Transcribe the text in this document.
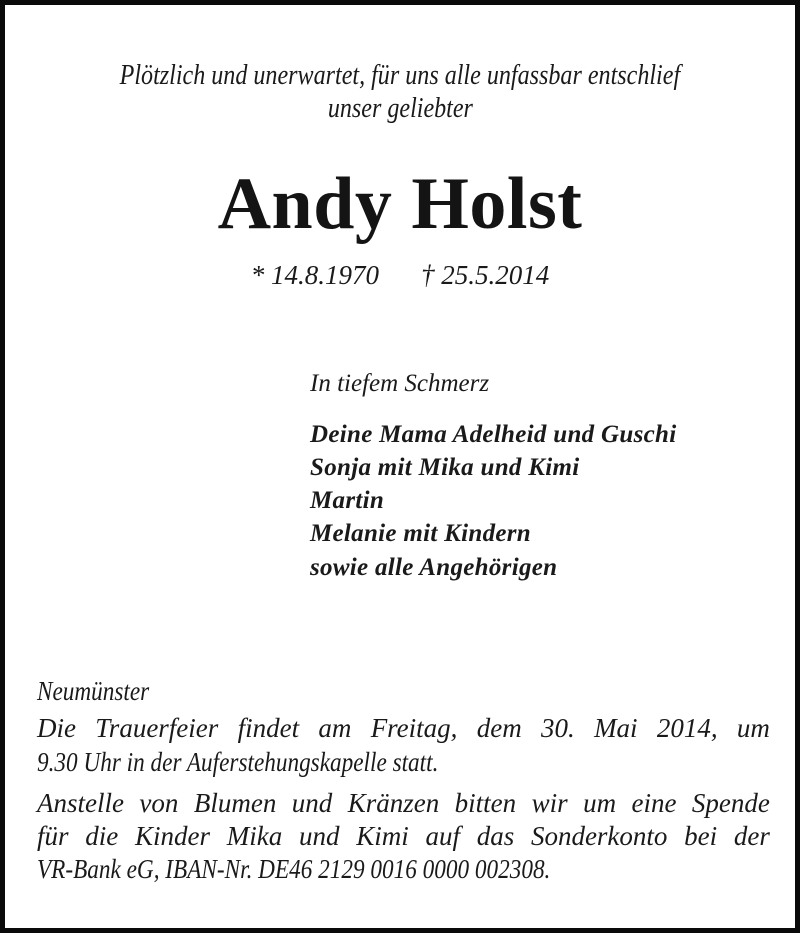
Plötzlich und unerwartet, für uns alle unfassbar entschlief
unser geliebter
Andy Holst
* 14.8.1970 † 25.5.2014
In tiefem Schmerz
Deine Mama Adelheid und Guschi
Sonja mit Mika und Kimi
Martin
Melanie mit Kindern
sowie alle Angehörigen
Neumünster
Die Trauerfeier findet am Freitag, dem 30. Mai 2014, um
9.30 Uhr in der Auferstehungskapelle statt.
Anstelle von Blumen und Kränzen bitten wir um eine Spende
für die Kinder Mika und Kimi auf das Sonderkonto bei der
VR-Bank eG, IBAN-Nr. DE46 2129 0016 0000 002308.
